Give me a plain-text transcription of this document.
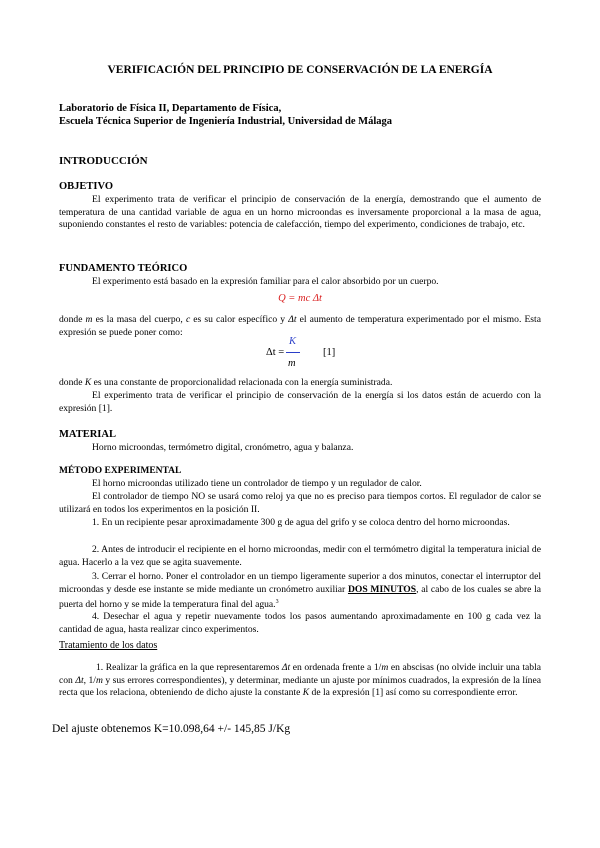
VERIFICACIÓN DEL PRINCIPIO DE CONSERVACIÓN DE LA ENERGÍA
Laboratorio de Física II, Departamento de Física,
Escuela Técnica Superior de Ingeniería Industrial, Universidad de Málaga
INTRODUCCIÓN
OBJETIVO

El experimento trata de verificar el principio de conservación de la energía, demostrando que el aumento de temperatura de una cantidad variable de agua en un horno microondas es inversamente proporcional a la masa de agua, suponiendo constantes el resto de variables: potencia de calefacción, tiempo del experimento, condiciones de trabajo, etc.

FUNDAMENTO TEÓRICO

El experimento está basado en la expresión familiar para el calor absorbido por un cuerpo.

Q = mc Δt

donde m es la masa del cuerpo, c es su calor específico y Δt el aumento de temperatura experimentado por el mismo. Esta expresión se puede poner como:

Δt =
K
m
[1]

donde K es una constante de proporcionalidad relacionada con la energía suministrada.

El experimento trata de verificar el principio de conservación de la energía si los datos están de acuerdo con la expresión [1].

MATERIAL

Horno microondas, termómetro digital, cronómetro, agua y balanza.

MÉTODO EXPERIMENTAL

El horno microondas utilizado tiene un controlador de tiempo y un regulador de calor.

El controlador de tiempo NO se usará como reloj ya que no es preciso para tiempos cortos. El regulador de calor se utilizará en todos los experimentos en la posición II.

1. En un recipiente pesar aproximadamente 300 g de agua del grifo y se coloca dentro del horno microondas.

2. Antes de introducir el recipiente en el horno microondas, medir con el termómetro digital la temperatura inicial de agua. Hacerlo a la vez que se agita suavemente.

3. Cerrar el horno. Poner el controlador en un tiempo ligeramente superior a dos minutos, conectar el interruptor del microondas y desde ese instante se mide mediante un cronómetro auxiliar DOS MINUTOS, al cabo de los cuales se abre la puerta del horno y se mide la temperatura final del agua.$^3$

4. Desechar el agua y repetir nuevamente todos los pasos aumentando aproximadamente en 100 g cada vez la cantidad de agua, hasta realizar cinco experimentos.

Tratamiento de los datos

1. Realizar la gráfica en la que representaremos Δt en ordenada frente a 1/m en abscisas (no olvide incluir una tabla con Δt, 1/m y sus errores correspondientes), y determinar, mediante un ajuste por mínimos cuadrados, la expresión de la línea recta que los relaciona, obteniendo de dicho ajuste la constante K de la expresión [1] así como su correspondiente error.

Del ajuste obtenemos K=10.098,64 +/- 145,85 J/Kg
